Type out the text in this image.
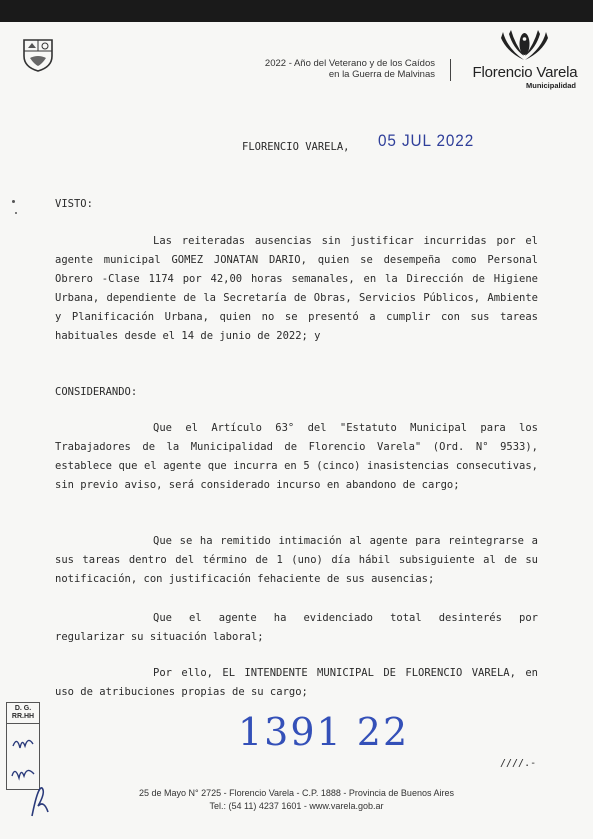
2022 - Año del Veterano y de los Caídos
en la Guerra de Malvinas	Florencio Varela
Municipalidad
FLORENCIO VARELA, 05 JUL 2022
VISTO:

Las reiteradas ausencias sin justificar incurridas por el agente municipal GOMEZ JONATAN DARIO, quien se desempeña como Personal Obrero -Clase 1174 por 42,00 horas semanales, en la Dirección de Higiene Urbana, dependiente de la Secretaría de Obras, Servicios Públicos, Ambiente y Planificación Urbana, quien no se presentó a cumplir con sus tareas habituales desde el 14 de junio de 2022; y

CONSIDERANDO:

Que el Artículo 63° del "Estatuto Municipal para los Trabajadores de la Municipalidad de Florencio Varela" (Ord. N° 9533), establece que el agente que incurra en 5 (cinco) inasistencias consecutivas, sin previo aviso, será considerado incurso en abandono de cargo;

Que se ha remitido intimación al agente para reintegrarse a sus tareas dentro del término de 1 (uno) día hábil subsiguiente al de su notificación, con justificación fehaciente de sus ausencias;

Que el agente ha evidenciado total desinterés por regularizar su situación laboral;

Por ello, EL INTENDENTE MUNICIPAL DE FLORENCIO VARELA, en uso de atribuciones propias de su cargo;

1391 22
////.-
D. G.
RR.HH
25 de Mayo N° 2725 - Florencio Varela - C.P. 1888 - Provincia de Buenos Aires
Tel.: (54 11) 4237 1601 - www.varela.gob.ar
